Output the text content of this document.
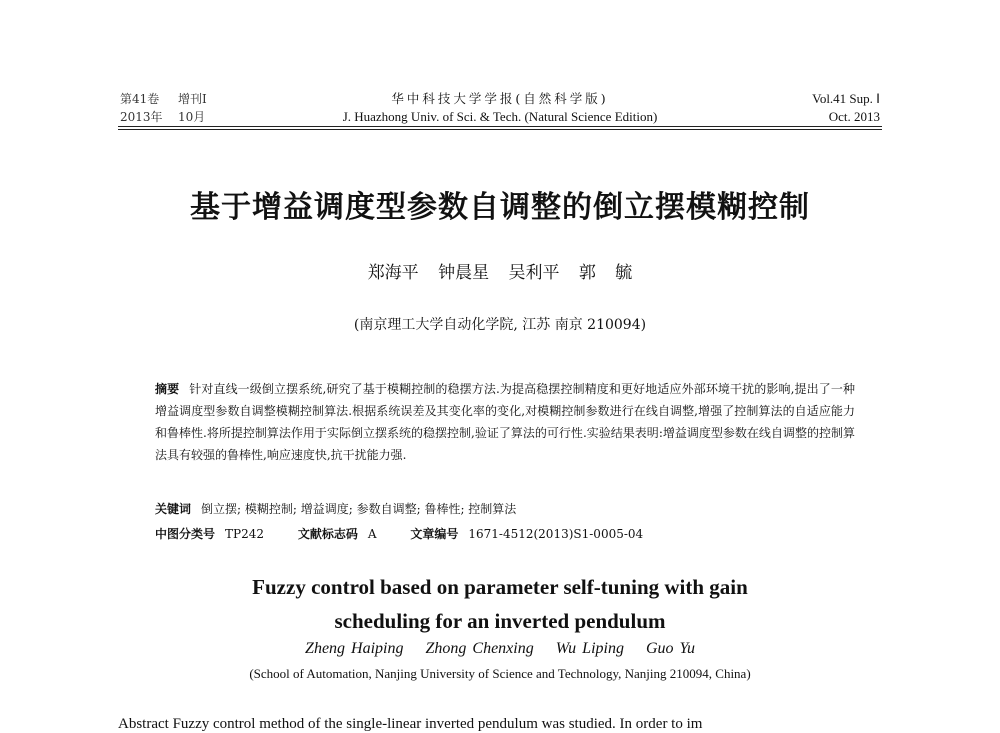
第41卷 增刊Ⅰ
2013年 10月
华中科技大学学报(自然科学版)
J. Huazhong Univ. of Sci. & Tech. (Natural Science Edition)
Vol.41 Sup. Ⅰ
Oct. 2013
基于增益调度型参数自调整的倒立摆模糊控制
郑海平 钟晨星 吴利平 郭 毓
(南京理工大学自动化学院, 江苏 南京 210094)
摘要 针对直线一级倒立摆系统,研究了基于模糊控制的稳摆方法.为提高稳摆控制精度和更好地适应外部环境干扰的影响,提出了一种增益调度型参数自调整模糊控制算法.根据系统误差及其变化率的变化,对模糊控制参数进行在线自调整,增强了控制算法的自适应能力和鲁棒性.将所提控制算法作用于实际倒立摆系统的稳摆控制,验证了算法的可行性.实验结果表明:增益调度型参数在线自调整的控制算法具有较强的鲁棒性,响应速度快,抗干扰能力强.
关键词 倒立摆; 模糊控制; 增益调度; 参数自调整; 鲁棒性; 控制算法
中图分类号 TP242	文献标志码 A	文章编号 1671-4512(2013)S1-0005-04
Fuzzy control based on parameter self-tuning with gain
scheduling for an inverted pendulum
Zheng Haiping Zhong Chenxing Wu Liping Guo Yu
(School of Automation, Nanjing University of Science and Technology, Nanjing 210094, China)
Abstract Fuzzy control method of the single-linear inverted pendulum was studied. In order to im
